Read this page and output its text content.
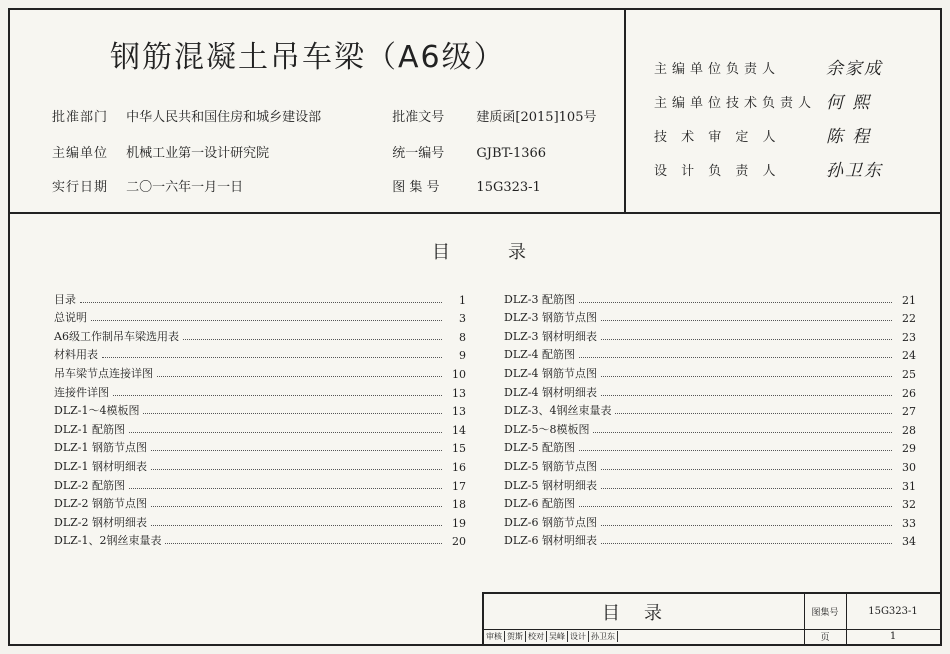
钢筋混凝土吊车梁（A6级）
批准部门 中华人民共和国住房和城乡建设部	批准文号 建质函[2015]105号
主编单位 机械工业第一设计研究院	统一编号 GJBT-1366
实行日期 二〇一六年一月一日	图 集 号	15G323-1
主编单位负责人	余家成
主编单位技术负责人 何 熙
技 术 审 定 人	陈 程
设 计 负 责 人	孙卫东
目	录
目录	1
总说明	3
A6级工作制吊车梁选用表	8
材料用表	9
吊车梁节点连接详图	10
连接件详图	13
DLZ-1～4模板图	13
DLZ-1 配筋图	14
DLZ-1 钢筋节点图	15
DLZ-1 钢材明细表	16
DLZ-2 配筋图	17
DLZ-2 钢筋节点图	18
DLZ-2 钢材明细表	19
DLZ-1、2钢丝束量表	20
DLZ-3 配筋图	21
DLZ-3 钢筋节点图	22
DLZ-3 钢材明细表	23
DLZ-4 配筋图	24
DLZ-4 钢筋节点图	25
DLZ-4 钢材明细表	26
DLZ-3、4钢丝束量表	27
DLZ-5～8模板图	28
DLZ-5 配筋图	29
DLZ-5 钢筋节点图	30
DLZ-5 钢材明细表	31
DLZ-6 配筋图	32
DLZ-6 钢筋节点图	33
DLZ-6 钢材明细表	34
目录	图集号	15G323-1
审核 贺斯 校对 吴峰 设计 孙卫东	页	1
